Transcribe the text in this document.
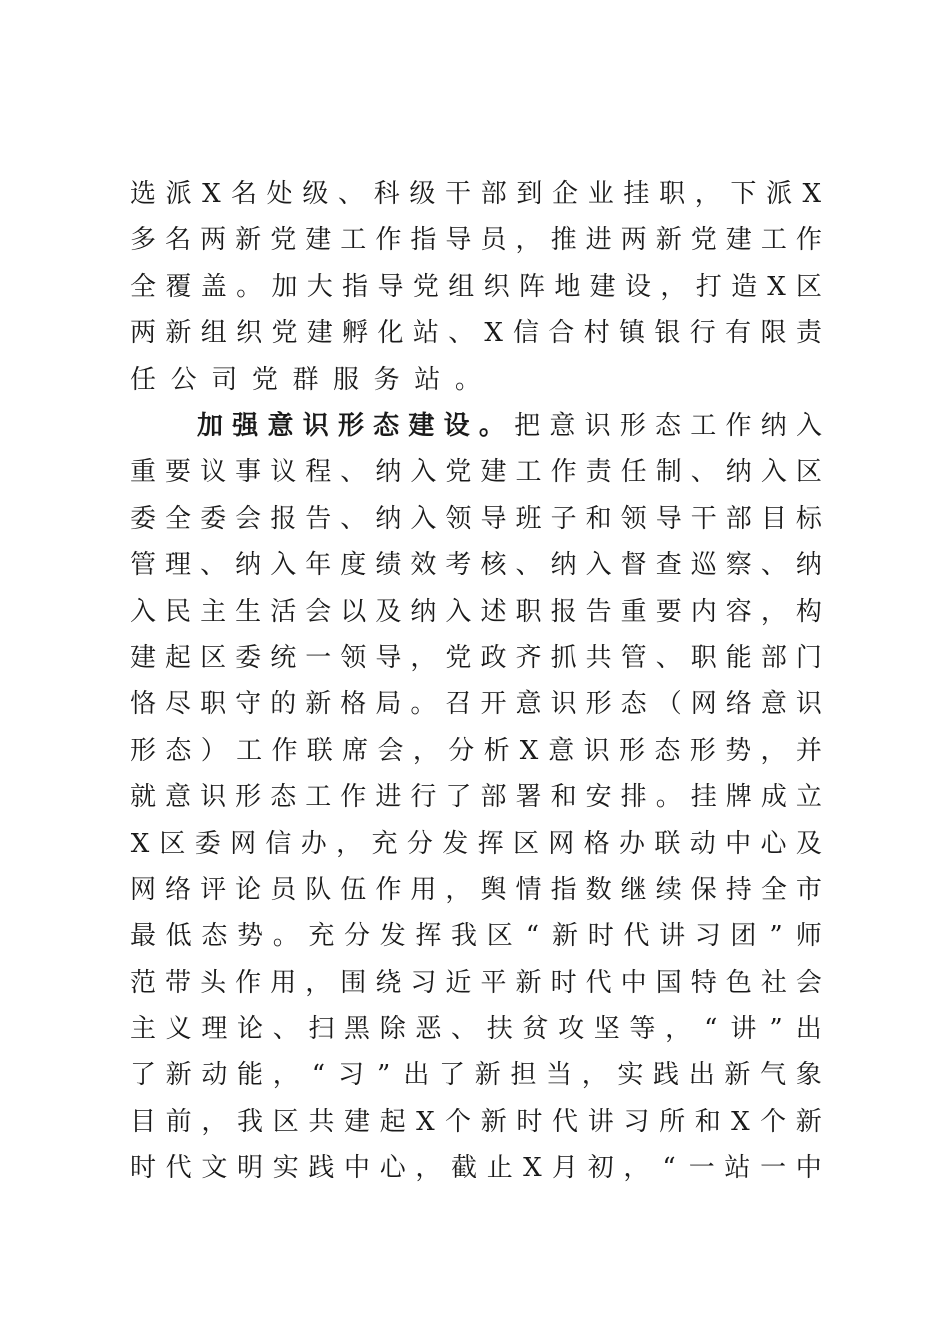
选 派 X 名 处 级 、 科 级 干 部 到 企 业 挂 职 ， 下 派 X
多 名 两 新 党 建 工 作 指 导 员 ， 推 进 两 新 党 建 工 作
全 覆 盖 。 加 大 指 导 党 组 织 阵 地 建 设 ， 打 造 X 区
两 新 组 织 党 建 孵 化 站 、 X 信 合 村 镇 银 行 有 限 责
任 公 司 党 群 服 务 站 。
加 强 意 识 形 态 建 设 。 把 意 识 形 态 工 作 纳 入
重 要 议 事 议 程 、 纳 入 党 建 工 作 责 任 制 、 纳 入 区
委 全 委 会 报 告 、 纳 入 领 导 班 子 和 领 导 干 部 目 标
管 理 、 纳 入 年 度 绩 效 考 核 、 纳 入 督 查 巡 察 、 纳
入 民 主 生 活 会 以 及 纳 入 述 职 报 告 重 要 内 容 ， 构
建 起 区 委 统 一 领 导 ， 党 政 齐 抓 共 管 、 职 能 部 门
恪 尽 职 守 的 新 格 局 。 召 开 意 识 形 态 （ 网 络 意 识
形 态 ） 工 作 联 席 会 ， 分 析 X 意 识 形 态 形 势 ， 并
就 意 识 形 态 工 作 进 行 了 部 署 和 安 排 。 挂 牌 成 立
X 区 委 网 信 办 ， 充 分 发 挥 区 网 格 办 联 动 中 心 及
网 络 评 论 员 队 伍 作 用 ， 舆 情 指 数 继 续 保 持 全 市
最 低 态 势 。 充 分 发 挥 我 区 “ 新 时 代 讲 习 团 ” 师
范 带 头 作 用 ， 围 绕 习 近 平 新 时 代 中 国 特 色 社 会
主 义 理 论 、 扫 黑 除 恶 、 扶 贫 攻 坚 等 ， “ 讲 ” 出
了 新 动 能 ， “ 习 ” 出 了 新 担 当 ， 实 践 出 新 气 象
目 前 ， 我 区 共 建 起 X 个 新 时 代 讲 习 所 和 X 个 新
时 代 文 明 实 践 中 心 ， 截 止 X 月 初 ， “ 一 站 一 中
